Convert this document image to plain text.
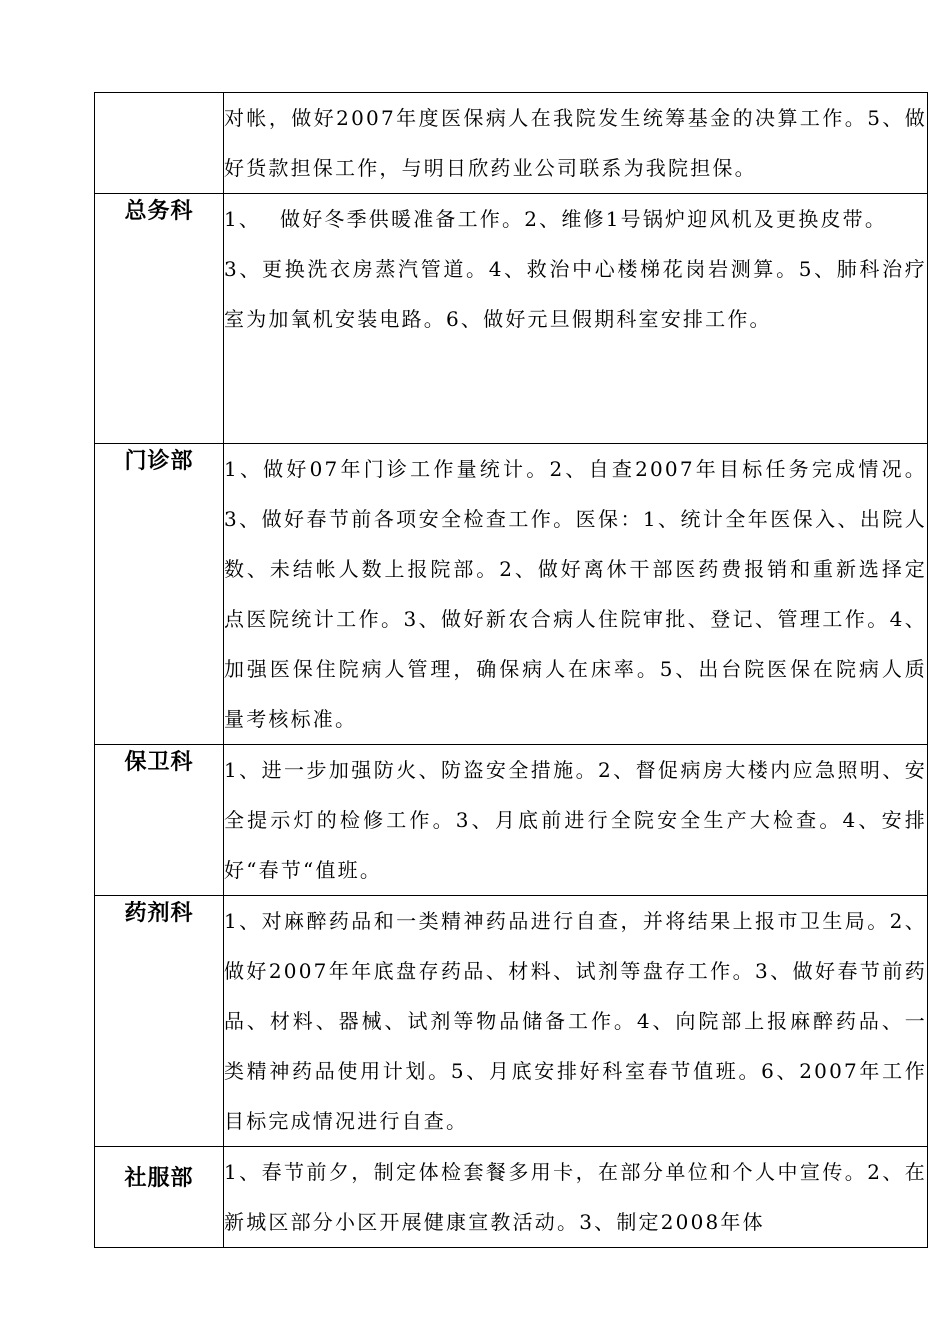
	对帐，做好2007年度医保病人在我院发生统筹基金的决算工作。5、做好货款担保工作，与明日欣药业公司联系为我院担保。

总务科	1、 做好冬季供暖准备工作。2、维修1号锅炉迎风机及更换皮带。

3、更换洗衣房蒸汽管道。4、救治中心楼梯花岗岩测算。5、肺科治疗室为加氧机安装电路。6、做好元旦假期科室安排工作。

门诊部	1、做好07年门诊工作量统计。2、自查2007年目标任务完成情况。3、做好春节前各项安全检查工作。医保：1、统计全年医保入、出院人数、未结帐人数上报院部。2、做好离休干部医药费报销和重新选择定点医院统计工作。3、做好新农合病人住院审批、登记、管理工作。4、加强医保住院病人管理，确保病人在床率。5、出台院医保在院病人质量考核标准。

保卫科	1、进一步加强防火、防盗安全措施。2、督促病房大楼内应急照明、安全提示灯的检修工作。3、月底前进行全院安全生产大检查。4、安排好“春节“值班。

药剂科	1、对麻醉药品和一类精神药品进行自查，并将结果上报市卫生局。2、做好2007年年底盘存药品、材料、试剂等盘存工作。3、做好春节前药品、材料、器械、试剂等物品储备工作。4、向院部上报麻醉药品、一类精神药品使用计划。5、月底安排好科室春节值班。6、2007年工作目标完成情况进行自查。

社服部	1、春节前夕，制定体检套餐多用卡，在部分单位和个人中宣传。2、在新城区部分小区开展健康宣教活动。3、制定2008年体
